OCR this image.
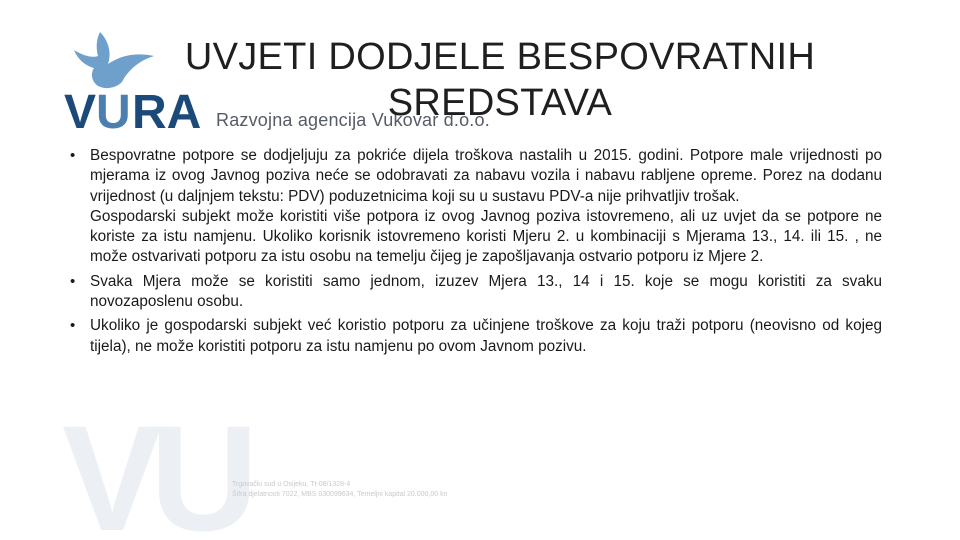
V U RA Razvojna agencija Vukovar d.o.o.
V
U
Trgovački sud u Osijeku, Tt-08/1328-4
Šifra djelatnosti 7022, MBS 030099634, Temeljni kapital 20.000,00 kn
UVJETI DODJELE BESPOVRATNIH SREDSTAVA
• Bespovratne potpore se dodjeljuju za pokriće dijela troškova nastalih u 2015. godini. Potpore male vrijednosti po mjerama iz ovog Javnog poziva neće se odobravati za nabavu vozila i nabavu rabljene opreme. Porez na dodanu vrijednost (u daljnjem tekstu: PDV) poduzetnicima koji su u sustavu PDV-a nije prihvatljiv trošak.
Gospodarski subjekt može koristiti više potpora iz ovog Javnog poziva istovremeno, ali uz uvjet da se potpore ne koriste za istu namjenu. Ukoliko korisnik istovremeno koristi Mjeru 2. u kombinaciji s Mjerama 13., 14. ili 15. , ne može ostvarivati potporu za istu osobu na temelju čijeg je zapošljavanja ostvario potporu iz Mjere 2.
• Svaka Mjera može se koristiti samo jednom, izuzev Mjera 13., 14 i 15. koje se mogu koristiti za svaku novozaposlenu osobu.
• Ukoliko je gospodarski subjekt već koristio potporu za učinjene troškove za koju traži potporu (neovisno od kojeg tijela), ne može koristiti potporu za istu namjenu po ovom Javnom pozivu.
